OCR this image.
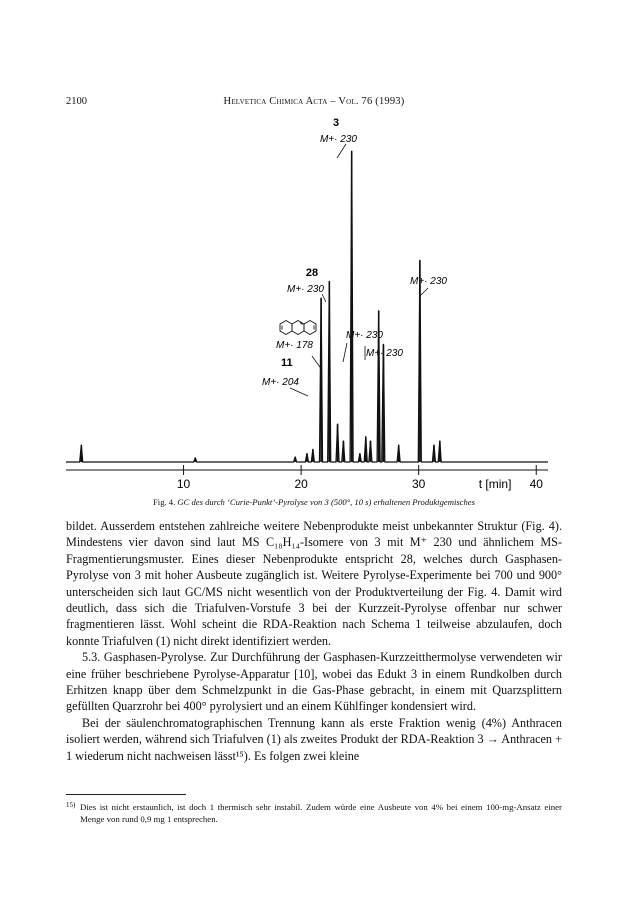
2100	Helvetica Chimica Acta – Vol. 76 (1993)
3
M+· 230
28
M+· 230
M+· 178
11
M+· 204
M+· 230
M+· 230
M+· 230
10	20	30	40
t [min]
Fig. 4. GC des durch ‘Curie-Punkt’-Pyrolyse von 3 (500°, 10 s) erhaltenen Produktgemisches

bildet. Ausserdem entstehen zahlreiche weitere Nebenprodukte meist unbekannter Struktur (Fig. 4). Mindestens vier davon sind laut MS C₁₈H₁₄-Isomere von 3 mit M⁺ 230 und ähnlichem MS-Fragmentierungsmuster. Eines dieser Nebenprodukte entspricht 28, welches durch Gasphasen-Pyrolyse von 3 mit hoher Ausbeute zugänglich ist. Weitere Pyrolyse-Experimente bei 700 und 900° unterscheiden sich laut GC/MS nicht wesentlich von der Produktverteilung der Fig. 4. Damit wird deutlich, dass sich die Triafulven-Vorstufe 3 bei der Kurzzeit-Pyrolyse offenbar nur schwer fragmentieren lässt. Wohl scheint die RDA-Reaktion nach Schema 1 teilweise abzulaufen, doch konnte Triafulven (1) nicht direkt identifiziert werden.

5.3. Gasphasen-Pyrolyse. Zur Durchführung der Gasphasen-Kurzzeitthermolyse verwendeten wir eine früher beschriebene Pyrolyse-Apparatur [10], wobei das Edukt 3 in einem Rundkolben durch Erhitzen knapp über dem Schmelzpunkt in die Gas-Phase gebracht, in einem mit Quarzsplittern gefüllten Quarzrohr bei 400° pyrolysiert und an einem Kühlfinger kondensiert wird.

Bei der säulenchromatographischen Trennung kann als erste Fraktion wenig (4%) Anthracen isoliert werden, während sich Triafulven (1) als zweites Produkt der RDA-Reaktion 3 → Anthracen + 1 wiederum nicht nachweisen lässt¹⁵). Es folgen zwei kleine

15) Dies ist nicht erstaunlich, ist doch 1 thermisch sehr instabil. Zudem würde eine Ausbeute von 4% bei einem 100-mg-Ansatz einer Menge von rund 0,9 mg 1 entsprechen.
